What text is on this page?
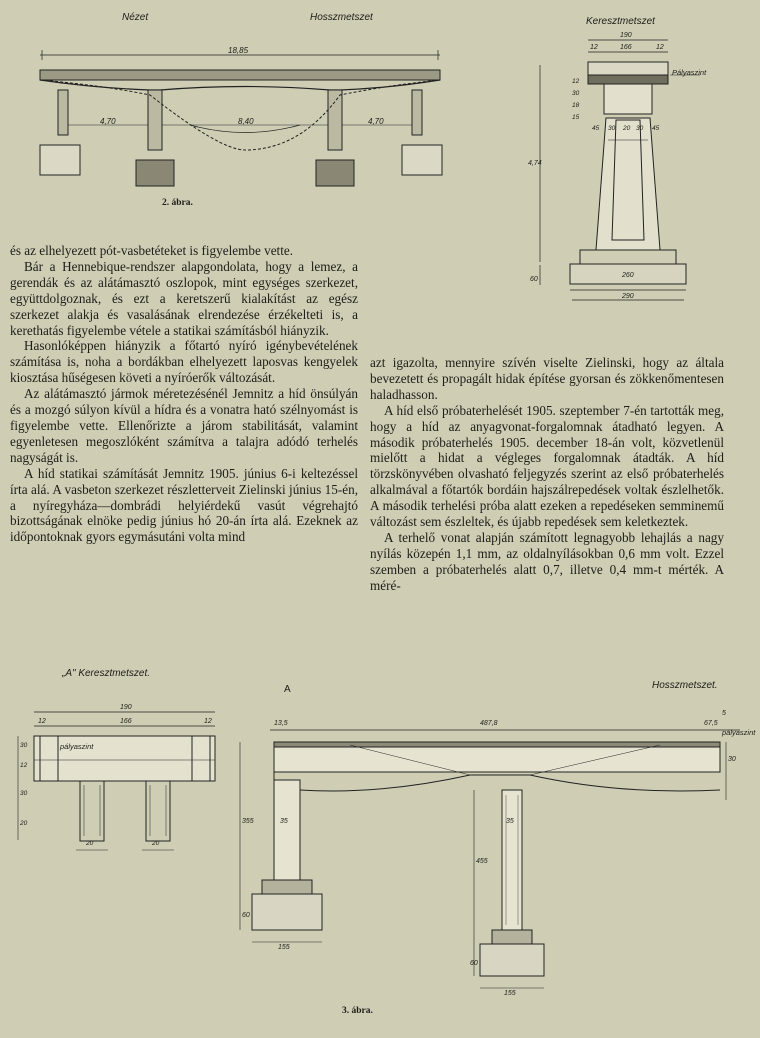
Nézet	Hosszmetszet	Keresztmetszet
18,85
4,70	8,40	4,70
2. ábra.
190
166
12	12
Pályaszint
12
30
18
15
45 30 20 30 45
4,74
60
260
290

és az elhelyezett pót-vasbetéteket is figyelembe vette.

Bár a Hennebique-rendszer alapgondolata, hogy a lemez, a gerendák és az alátámasztó oszlopok, mint egységes szerkezet, együttdolgoznak, és ezt a keretszerű kialakítást az egész szerkezet alakja és vasalásának elrendezése érzékelteti is, a kerethatás figyelembe vétele a statikai számításból hiányzik.

Hasonlóképpen hiányzik a főtartó nyíró igénybevételének számítása is, noha a bordákban elhelyezett laposvas kengyelek kiosztása hűségesen követi a nyíróerők változását.

Az alátámasztó jármok méretezésénél Jemnitz a híd önsúlyán és a mozgó súlyon kívül a hídra és a vonatra ható szélnyomást is figyelembe vette. Ellenőrizte a járom stabilitását, valamint egyenletesen megoszlóként számítva a talajra adódó terhelés nagyságát is.

A híd statikai számítását Jemnitz 1905. június 6-i keltezéssel írta alá. A vasbeton szerkezet részletterveit Zielinski június 15-én, a nyíregyháza—dombrádi helyiérdekű vasút végrehajtó bizottságának elnöke pedig június hó 20-án írta alá. Ezeknek az időpontoknak gyors egymásutáni volta mind

azt igazolta, mennyire szívén viselte Zielinski, hogy az általa bevezetett és propagált hidak építése gyorsan és zökkenőmentesen haladhasson.

A híd első próbaterhelését 1905. szeptember 7-én tartották meg, hogy a híd az anyagvonat-forgalomnak átadható legyen. A második próbaterhelés 1905. december 18-án volt, közvetlenül mielőtt a hidat a végleges forgalomnak átadták. A híd törzskönyvében olvasható feljegyzés szerint az első próbaterhelés alkalmával a főtartók bordáin hajszálrepedések voltak észlelhetők. A második terhelési próba alatt ezeken a repedéseken semminemű változást sem észleltek, és újabb repedések sem keletkeztek.

A terhelő vonat alapján számított legnagyobb lehajlás a nagy nyílás közepén 1,1 mm, az oldalnyílásokban 0,6 mm volt. Ezzel szemben a próbaterhelés alatt 0,7, illetve 0,4 mm-t mérték. A méré-

„A" Keresztmetszet.
A	Hosszmetszet.
pályaszint
pályaszint
3. ábra.
190
166
12	12
30
12
30
20
20	20
13,5	487,8	67,5
5
30
355
455
35	35
60
155
60
155
